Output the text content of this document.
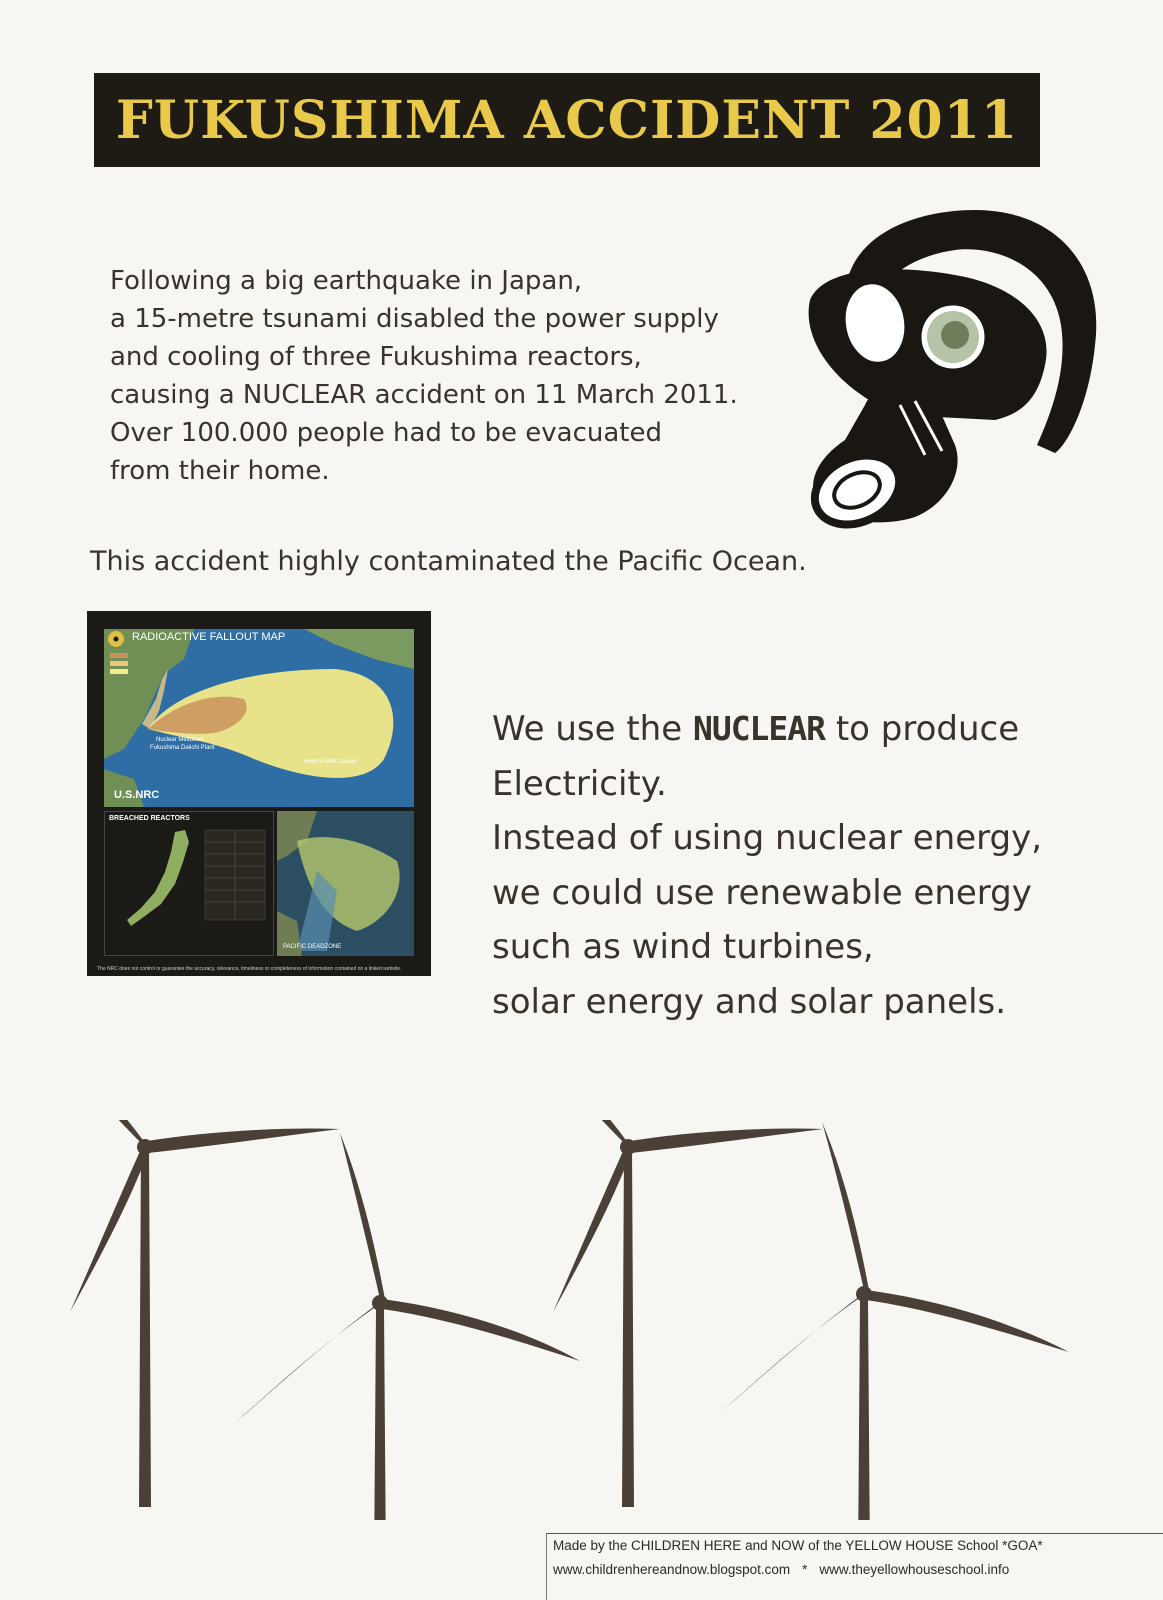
FUKUSHIMA ACCIDENT 2011
Following a big earthquake in Japan,
a 15-metre tsunami disabled the power supply
and cooling of three Fukushima reactors,
causing a NUCLEAR accident on 11 March 2011.
Over 100.000 people had to be evacuated
from their home.
This accident highly contaminated the Pacific Ocean.
RADIOACTIVE FALLOUT MAP
Nuclear Meltdown
Fukushima Daiichi Plant
North Pacific Ocean
U.S.NRC
BREACHED REACTORS
PACIFIC DEADZONE
The NRC does not control or guarantee the accuracy, relevance, timeliness or completeness of information contained on a linked website.
We use the NUCLEAR to produce
Electricity.
Instead of using nuclear energy,
we could use renewable energy
such as wind turbines,
solar energy and solar panels.
Made by the CHILDREN HERE and NOW of the YELLOW HOUSE School *GOA*
www.childrenhereandnow.blogspot.com * www.theyellowhouseschool.info
